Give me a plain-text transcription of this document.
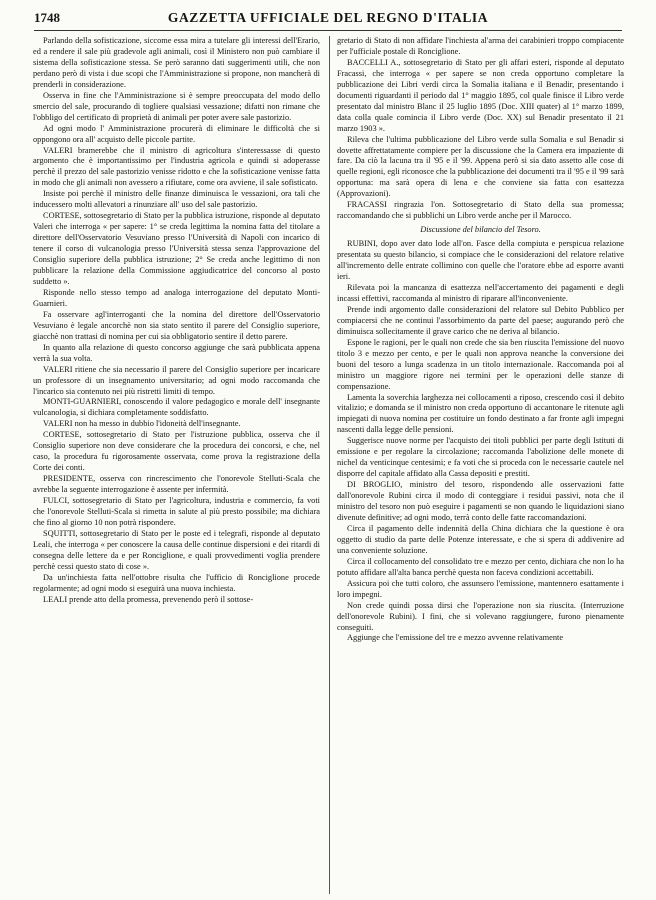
1748	GAZZETTA UFFICIALE DEL REGNO D'ITALIA

Parlando della sofisticazione, siccome essa mira a tutelare gli interessi dell'Erario, ed a rendere il sale più gradevole agli animali, così il Ministero non può cambiare il sistema della sofisticazione stessa. Se però saranno dati suggerimenti utili, che non perdano però di vista i due scopi che l'Amministrazione si propone, non mancherà di prenderli in considerazione.

Osserva in fine che l'Amministrazione si è sempre preoccupata del modo dello smercio del sale, procurando di togliere qualsiasi vessazione; difatti non rimane che l'obbligo del certificato di proprietà di animali per poter avere sale pastorizio.

Ad ogni modo l' Amministrazione procurerà di eliminare le difficoltà che si oppongono ora all' acquisto delle piccole partite.

VALERI bramerebbe che il ministro di agricoltura s'interessasse di questo argomento che è importantissimo per l'industria agricola e quindi si adoperasse perchè il prezzo del sale pastorizio venisse ridotto e che la sofisticazione venisse fatta in modo che gli animali non avessero a rifiutare, come ora avviene, il sale sofisticato.

Insiste poi perchè il ministro delle finanze diminuisca le vessazioni, ora tali che inducessero molti allevatori a rinunziare all' uso del sale pastorizio.

CORTESE, sottosegretario di Stato per la pubblica istruzione, risponde al deputato Valeri che interroga « per sapere: 1° se creda legittima la nomina fatta del titolare a direttore dell'Osservatorio Vesuviano presso l'Università di Napoli con incarico di tenere il corso di vulcanologia presso l'Università stessa senza l'approvazione del Consiglio superiore della pubblica istruzione; 2° Se creda anche legittimo di non pubblicare la relazione della Commissione aggiudicatrice del concorso al posto suddetto ».

Risponde nello stesso tempo ad analoga interrogazione del deputato Monti-Guarnieri.

Fa osservare agl'interroganti che la nomina del direttore dell'Osservatorio Vesuviano è legale ancorchè non sia stato sentito il parere del Consiglio superiore, giacchè non trattasi di nomina per cui sia obbligatorio sentire il detto parere.

In quanto alla relazione di questo concorso aggiunge che sarà pubblicata appena verrà la sua volta.

VALERI ritiene che sia necessario il parere del Consiglio superiore per incaricare un professore di un insegnamento universitario; ad ogni modo raccomanda che l'incarico sia contenuto nei più ristretti limiti di tempo.

MONTI-GUARNIERI, conoscendo il valore pedagogico e morale dell' insegnante vulcanologia, si dichiara completamente soddisfatto.

VALERI non ha messo in dubbio l'idoneità dell'insegnante.

CORTESE, sottosegretario di Stato per l'istruzione pubblica, osserva che il Consiglio superiore non deve considerare che la procedura dei concorsi, e che, nel caso, la procedura fu rigorosamente osservata, come prova la registrazione della Corte dei conti.

PRESIDENTE, osserva con rincrescimento che l'onorevole Stelluti-Scala che avrebbe la seguente interrogazione è assente per infermità.

FULCI, sottosegretario di Stato per l'agricoltura, industria e commercio, fa voti che l'onorevole Stelluti-Scala si rimetta in salute al più presto possibile; ma dichiara che fino al giorno 10 non potrà rispondere.

SQUITTI, sottosegretario di Stato per le poste ed i telegrafi, risponde al deputato Leali, che interroga « per conoscere la causa delle continue dispersioni e dei ritardi di consegna delle lettere da e per Ronciglione, e quali provvedimenti voglia prendere perchè cessi questo stato di cose ».

Da un'inchiesta fatta nell'ottobre risulta che l'ufficio di Ronciglione procede regolarmente; ad ogni modo si eseguirà una nuova inchiesta.

LEALI prende atto della promessa, prevenendo però il sottose-

gretario di Stato di non affidare l'inchiesta al'arma dei carabinieri troppo compiacente per l'ufficiale postale di Ronciglione.

BACCELLI A., sottosegretario di Stato per gli affari esteri, risponde al deputato Fracassi, che interroga « per sapere se non creda opportuno completare la pubblicazione dei Libri verdi circa la Somalia italiana e il Benadir, presentando i documenti riguardanti il periodo dal 1° maggio 1895, col quale finisce il Libro verde presentato dal ministro Blanc il 25 luglio 1895 (Doc. XIII quater) al 1° marzo 1899, data colla quale comincia il Libro verde (Doc. XX) sul Benadir presentato il 21 marzo 1903 ».

Rileva che l'ultima pubblicazione del Libro verde sulla Somalia e sul Benadir si dovette affrettatamente compiere per la discussione che la Camera era impaziente di fare. Da ciò la lacuna tra il '95 e il '99. Appena però si sia dato assetto alle cose di quelle regioni, egli riconosce che la pubblicazione dei documenti tra il '95 e il '99 sarà opportuna: ma sarà opera di lena e che conviene sia fatta con esattezza (Approvazioni).

FRACASSI ringrazia l'on. Sottosegretario di Stato della sua promessa; raccomandando che si pubblichi un Libro verde anche per il Marocco.

Discussione del bilancio del Tesoro.

RUBINI, dopo aver dato lode all'on. Fasce della compiuta e perspicua relazione presentata su questo bilancio, si compiace che le considerazioni del relatore relative all'incremento delle entrate collimino con quelle che l'oratore ebbe ad esporre avanti ieri.

Rilevata poi la mancanza di esattezza nell'accertamento dei pagamenti e degli incassi effettivi, raccomanda al ministro di riparare all'inconveniente.

Prende indi argomento dalle considerazioni del relatore sul Debito Pubblico per compiacersi che ne continui l'assorbimento da parte del paese; augurando però che diminuisca sollecitamente il grave carico che ne deriva al bilancio.

Espone le ragioni, per le quali non crede che sia ben riuscita l'emissione del nuovo titolo 3 e mezzo per cento, e per le quali non approva neanche la conversione dei buoni del tesoro a lunga scadenza in un titolo internazionale. Raccomanda poi al ministro un maggiore rigore nei termini per le operazioni delle stanze di compensazione.

Lamenta la soverchia larghezza nei collocamenti a riposo, crescendo così il debito vitalizio; e domanda se il ministro non creda opportuno di accantonare le ritenute agli impiegati di nuova nomina per costituire un fondo destinato a far fronte agli impegni nascenti dalla legge delle pensioni.

Suggerisce nuove norme per l'acquisto dei titoli pubblici per parte degli Istituti di emissione e per regolare la circolazione; raccomanda l'abolizione delle monete di nichel da venticinque centesimi; e fa voti che si proceda con le necessarie cautele nel disporre del capitale affidato alla Cassa depositi e prestiti.

DI BROGLIO, ministro del tesoro, rispondendo alle osservazioni fatte dall'onorevole Rubini circa il modo di conteggiare i residui passivi, nota che il ministro del tesoro non può eseguire i pagamenti se non quando le liquidazioni siano divenute definitive; ad ogni modo, terrà conto delle fatte raccomandazioni.

Circa il pagamento delle indennità della China dichiara che la questione è ora oggetto di studio da parte delle Potenze interessate, e che si spera di addivenire ad una conveniente soluzione.

Circa il collocamento del consolidato tre e mezzo per cento, dichiara che non lo ha potuto affidare all'alta banca perchè questa non faceva condizioni accettabili.

Assicura poi che tutti coloro, che assunsero l'emissione, mantennero esattamente i loro impegni.

Non crede quindi possa dirsi che l'operazione non sia riuscita. (Interruzione dell'onorevole Rubini). I fini, che si volevano raggiungere, furono pienamente conseguiti.

Aggiunge che l'emissione del tre e mezzo avvenne relativamente
